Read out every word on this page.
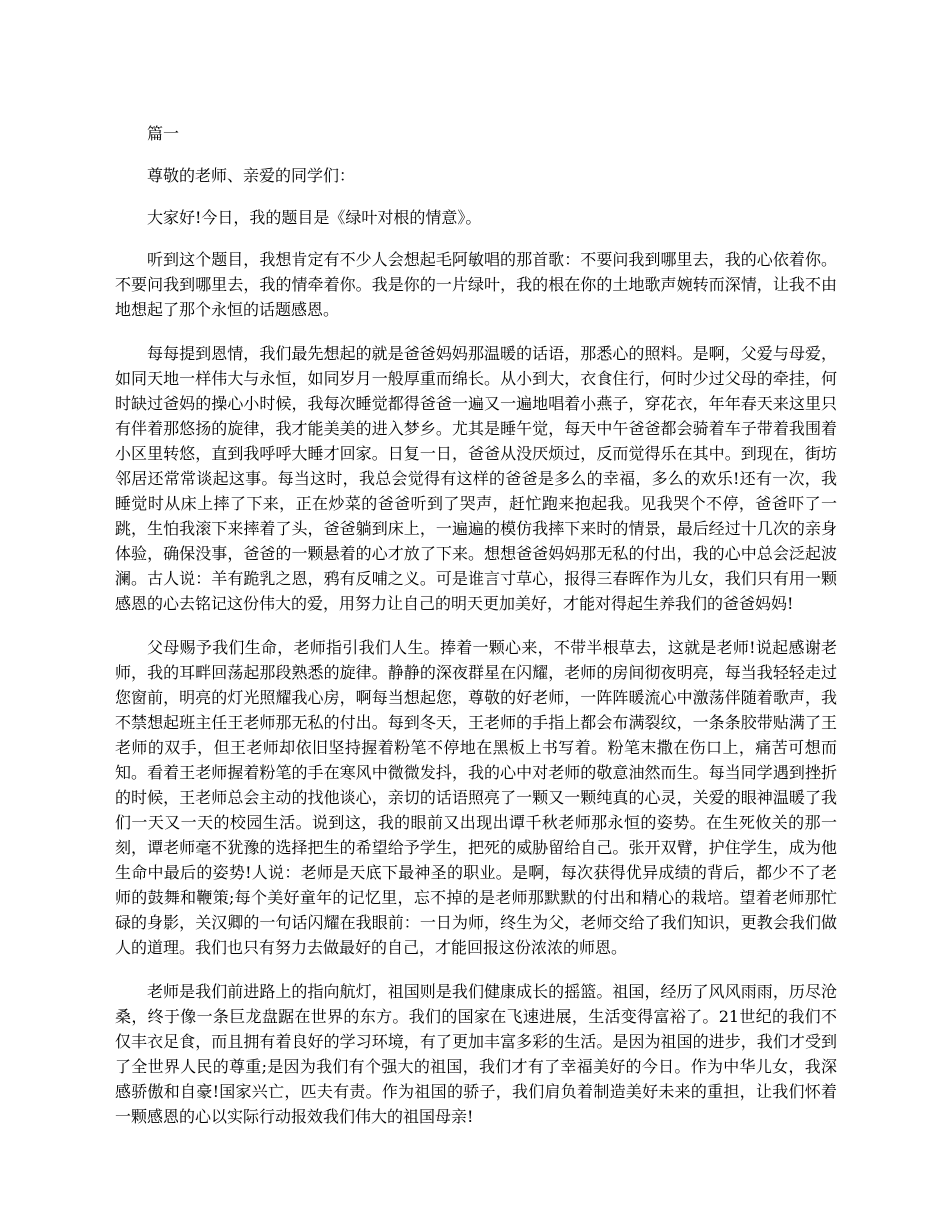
篇一

尊敬的老师、亲爱的同学们：

大家好!今日，我的题目是《绿叶对根的情意》。

听到这个题目，我想肯定有不少人会想起毛阿敏唱的那首歌：不要问我到哪里去，我的心依着你。不要问我到哪里去，我的情牵着你。我是你的一片绿叶，我的根在你的土地歌声婉转而深情，让我不由地想起了那个永恒的话题感恩。

每每提到恩情，我们最先想起的就是爸爸妈妈那温暖的话语，那悉心的照料。是啊，父爱与母爱，如同天地一样伟大与永恒，如同岁月一般厚重而绵长。从小到大，衣食住行，何时少过父母的牵挂，何时缺过爸妈的操心小时候，我每次睡觉都得爸爸一遍又一遍地唱着小燕子，穿花衣，年年春天来这里只有伴着那悠扬的旋律，我才能美美的进入梦乡。尤其是睡午觉，每天中午爸爸都会骑着车子带着我围着小区里转悠，直到我呼呼大睡才回家。日复一日，爸爸从没厌烦过，反而觉得乐在其中。到现在，街坊邻居还常常谈起这事。每当这时，我总会觉得有这样的爸爸是多么的幸福，多么的欢乐!还有一次，我睡觉时从床上摔了下来，正在炒菜的爸爸听到了哭声，赶忙跑来抱起我。见我哭个不停，爸爸吓了一跳，生怕我滚下来摔着了头，爸爸躺到床上，一遍遍的模仿我摔下来时的情景，最后经过十几次的亲身体验，确保没事，爸爸的一颗悬着的心才放了下来。想想爸爸妈妈那无私的付出，我的心中总会泛起波澜。古人说：羊有跪乳之恩，鸦有反哺之义。可是谁言寸草心，报得三春晖作为儿女，我们只有用一颗感恩的心去铭记这份伟大的爱，用努力让自己的明天更加美好，才能对得起生养我们的爸爸妈妈!

父母赐予我们生命，老师指引我们人生。捧着一颗心来，不带半根草去，这就是老师!说起感谢老师，我的耳畔回荡起那段熟悉的旋律。静静的深夜群星在闪耀，老师的房间彻夜明亮，每当我轻轻走过您窗前，明亮的灯光照耀我心房，啊每当想起您，尊敬的好老师，一阵阵暖流心中激荡伴随着歌声，我不禁想起班主任王老师那无私的付出。每到冬天，王老师的手指上都会布满裂纹，一条条胶带贴满了王老师的双手，但王老师却依旧坚持握着粉笔不停地在黑板上书写着。粉笔末撒在伤口上，痛苦可想而知。看着王老师握着粉笔的手在寒风中微微发抖，我的心中对老师的敬意油然而生。每当同学遇到挫折的时候，王老师总会主动的找他谈心，亲切的话语照亮了一颗又一颗纯真的心灵，关爱的眼神温暖了我们一天又一天的校园生活。说到这，我的眼前又出现出谭千秋老师那永恒的姿势。在生死攸关的那一刻，谭老师毫不犹豫的选择把生的希望给予学生，把死的威胁留给自己。张开双臂，护住学生，成为他生命中最后的姿势!人说：老师是天底下最神圣的职业。是啊，每次获得优异成绩的背后，都少不了老师的鼓舞和鞭策;每个美好童年的记忆里，忘不掉的是老师那默默的付出和精心的栽培。望着老师那忙碌的身影，关汉卿的一句话闪耀在我眼前：一日为师，终生为父，老师交给了我们知识，更教会我们做人的道理。我们也只有努力去做最好的自己，才能回报这份浓浓的师恩。

老师是我们前进路上的指向航灯，祖国则是我们健康成长的摇篮。祖国，经历了风风雨雨，历尽沧桑，终于像一条巨龙盘踞在世界的东方。我们的国家在飞速进展，生活变得富裕了。21世纪的我们不仅丰衣足食，而且拥有着良好的学习环境，有了更加丰富多彩的生活。是因为祖国的进步，我们才受到了全世界人民的尊重;是因为我们有个强大的祖国，我们才有了幸福美好的今日。作为中华儿女，我深感骄傲和自豪!国家兴亡，匹夫有责。作为祖国的骄子，我们肩负着制造美好未来的重担，让我们怀着一颗感恩的心以实际行动报效我们伟大的祖国母亲!
